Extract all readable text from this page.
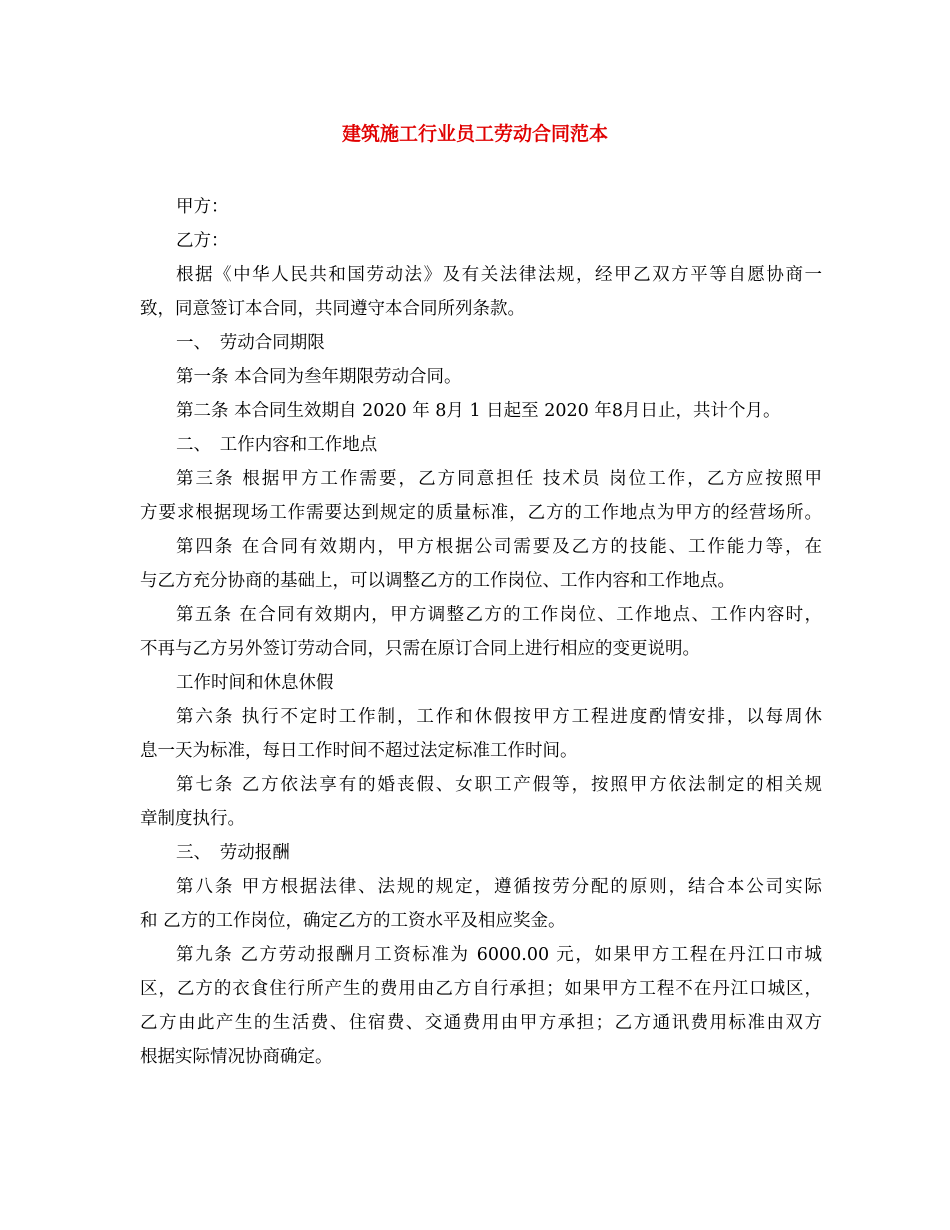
建筑施工行业员工劳动合同范本

甲方：

乙方：

根据《中华人民共和国劳动法》及有关法律法规，经甲乙双方平等自愿协商一
致，同意签订本合同，共同遵守本合同所列条款。

一、　劳动合同期限

第一条 本合同为叁年期限劳动合同。

第二条 本合同生效期自 2020 年 8月 1 日起至 2020 年8月日止，共计个月。

二、　工作内容和工作地点

第三条 根据甲方工作需要，乙方同意担任 技术员 岗位工作，乙方应按照甲
方要求根据现场工作需要达到规定的质量标准，乙方的工作地点为甲方的经营场所。

第四条 在合同有效期内，甲方根据公司需要及乙方的技能、工作能力等，在
与乙方充分协商的基础上，可以调整乙方的工作岗位、工作内容和工作地点。

第五条 在合同有效期内，甲方调整乙方的工作岗位、工作地点、工作内容时，
不再与乙方另外签订劳动合同，只需在原订合同上进行相应的变更说明。

工作时间和休息休假

第六条 执行不定时工作制，工作和休假按甲方工程进度酌情安排，以每周休
息一天为标准，每日工作时间不超过法定标准工作时间。

第七条 乙方依法享有的婚丧假、女职工产假等，按照甲方依法制定的相关规
章制度执行。

三、　劳动报酬

第八条 甲方根据法律、法规的规定，遵循按劳分配的原则，结合本公司实际
和 乙方的工作岗位，确定乙方的工资水平及相应奖金。

第九条 乙方劳动报酬月工资标准为 6000.00 元，如果甲方工程在丹江口市城
区，乙方的衣食住行所产生的费用由乙方自行承担；如果甲方工程不在丹江口城区，
乙方由此产生的生活费、住宿费、交通费用由甲方承担；乙方通讯费用标准由双方
根据实际情况协商确定。
